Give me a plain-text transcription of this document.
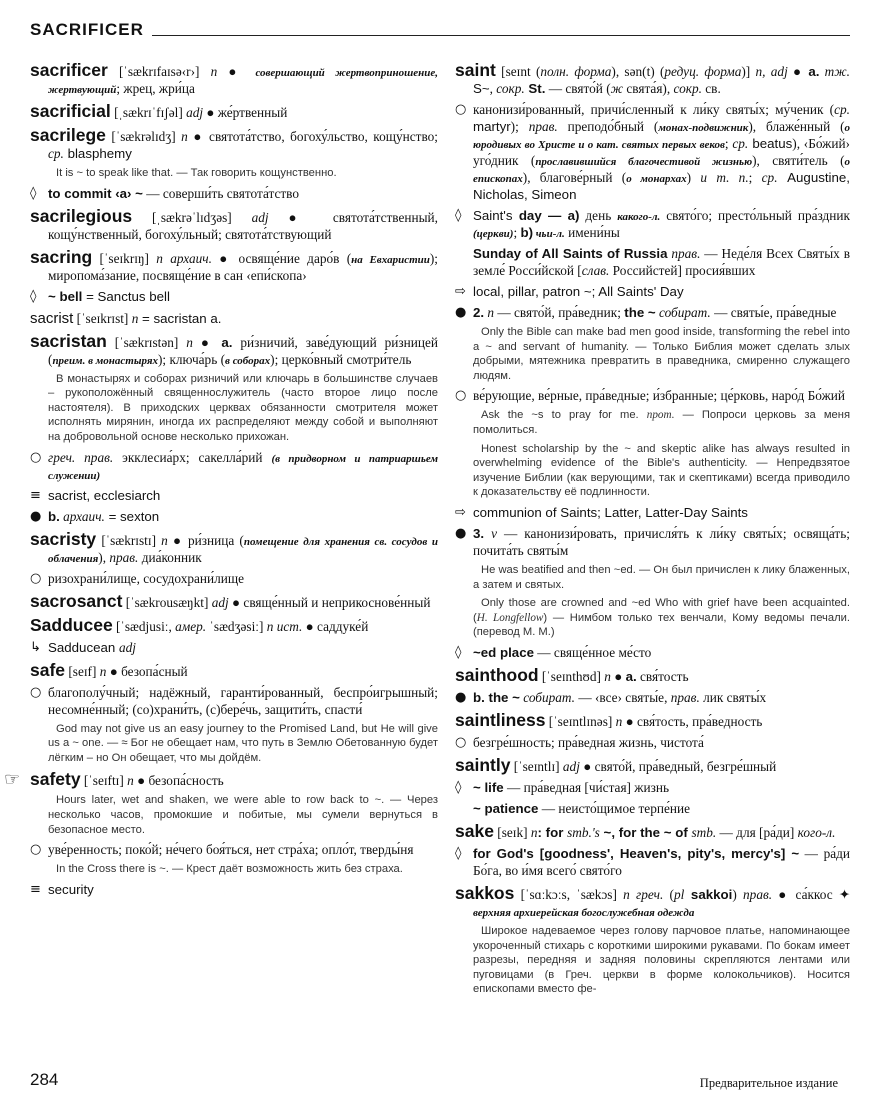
SACRIFICER
sacrificer [ˈsækrɪfaɪsə‹r›] n ● совершающий жертвоприношение, жертвующий; жрец, жри́ца
sacrificial [ˌsækrɪˈfɪʃəl] adj ● же́ртвенный
sacrilege [ˈsækrəlɪdʒ] n ● святота́тство, богоху́льство, кощу́нство; ср. blasphemy
It is ~ to speak like that. — Так говорить кощунственно.
◊ to commit ‹a› ~ — соверши́ть святота́тство
sacrilegious [ˌsækrəˈlɪdʒəs] adj ● святота́тственный, кощу́нственный, богоху́льный; святота́тствующий
sacring [ˈseɪkrɪŋ] n архаич. ● освяще́ние даро́в (на Евхаристии); миропома́зание, посвяще́ние в сан ‹епи́скопа›
◊ ~ bell = Sanctus bell
sacrist [ˈseɪkrɪst] n = sacristan a.
sacristan [ˈsækrɪstən] n ● a. ри́зничий, заве́дующий ри́зницей (преим. в монастырях); ключа́рь (в соборах); церко́вный смотри́тель
В монастырях и соборах ризничий или ключарь в большинстве случаев – рукоположённый священнослужитель (часто второе лицо после настоятеля). В приходских церквах обязанности смотрителя может исполнять мирянин, иногда их распределяют между собой и выполняют на добровольной основе несколько прихожан.
○ греч. прав. экклесиа́рх; сакелла́рий (в придворном и патриаршьем служении)
≡ sacrist, ecclesiarch
● b. архаич. = sexton
sacristy [ˈsækrɪstɪ] n ● ри́зница (помещение для хранения св. сосудов и облачения), прав. диа́конник
○ ризохрани́лище, сосудохрани́лище
sacrosanct [ˈsækrousæŋkt] adj ● свяще́нный и неприкоснове́нный
Sadducee [ˈsædjusiː, амер. ˈsædʒəsiː] n ист. ● саддуке́й
↳ Sadducean adj
safe [seɪf] n ● безопа́сный
○ благополу́чный; надёжный, гаранти́рованный, беспро́игрышный; несомне́нный; (со)храни́ть, (с)бере́чь, защити́ть, спасти́
God may not give us an easy journey to the Promised Land, but He will give us a ~ one. — ≈ Бог не обещает нам, что путь в Землю Обетованную будет лёгким – но Он обещает, что мы дойдём.
☞ safety [ˈseɪftɪ] n ● безопа́сность
Hours later, wet and shaken, we were able to row back to ~. — Через несколько часов, промокшие и побитые, мы сумели вернуться в безопасное место.
○ уве́ренность; поко́й; не́чего боя́ться, нет стра́ха; опло́т, тверды́ня
In the Cross there is ~. — Крест даёт возможность жить без страха.
≡ security
saint [seɪnt (полн. форма), sən(t) (редуц. форма)] n, adj ● a. тж. S~, сокр. St. — свято́й (ж свята́я), сокр. св.
○ канонизи́рованный, причи́сленный к ли́ку святы́х; му́ченик (ср. martyr); прав. преподо́бный (монах-подвижник), блаже́нный (о юродивых во Христе и о кат. святых первых веков; ср. beatus), ‹Бо́жий› уго́дник (прославившийся благочестивой жизнью), святи́тель (о епископах), благове́рный (о монархах) и т. п.; ср. Augustine, Nicholas, Simeon
◊ Saint's day — a) день какого-л. свято́го; престо́льный пра́здник (церкви); b) чьи-л. имени́ны
Sunday of All Saints of Russia прав. — Неде́ля Всех Святы́х в земле́ Росси́йской [слав. Российстей] просия́вших
⇨ local, pillar, patron ~; All Saints' Day
● 2. n — свято́й, пра́ведник; the ~ собират. — святы́е, пра́ведные
Only the Bible can make bad men good inside, transforming the rebel into a ~ and servant of humanity. — Только Библия может сделать злых добрыми, мятежника превратить в праведника, смиренно служащего людям.
○ ве́рующие, ве́рные, пра́ведные; и́збранные; це́рковь, наро́д Бо́жий
Ask the ~s to pray for me. прот. — Попроси церковь за меня помолиться.
Honest scholarship by the ~ and skeptic alike has always resulted in overwhelming evidence of the Bible's authenticity. — Непредвзятое изучение Библии (как верующими, так и скептиками) всегда приводило к доказательству её подлинности.
⇨ communion of Saints; Latter, Latter-Day Saints
● 3. v — канонизи́ровать, причисля́ть к ли́ку святы́х; освяща́ть; почита́ть святы́м
He was beatified and then ~ed. — Он был причислен к лику блаженных, а затем и святых.
Only those are crowned and ~ed Who with grief have been acquainted. (H. Longfellow) — Нимбом только тех венчали, Кому ведомы печали. (перевод М. М.)
◊ ~ed place — свяще́нное ме́сто
sainthood [ˈseɪnthʊd] n ● a. свя́тость
● b. the ~ собират. — ‹все› святы́е, прав. лик святы́х
saintliness [ˈseɪntlɪnəs] n ● свя́тость, пра́ведность
○ безгре́шность; пра́ведная жизнь, чистота́
saintly [ˈseɪntlɪ] adj ● свято́й, пра́ведный, безгре́шный
◊ ~ life — пра́ведная [чи́стая] жизнь
~ patience — неисто́щимое терпе́ние
sake [seɪk] n: for smb.'s ~, for the ~ of smb. — для [ра́ди] кого-л.
◊ for God's [goodness', Heaven's, pity's, mercy's] ~ — ра́ди Бо́га, во и́мя всего́ свято́го
sakkos [ˈsɑːkɔːs, ˈsækɔs] n греч. (pl sakkoi) прав. ● са́ккос ✦ верхняя архиерейская богослужебная одежда
Широкое надеваемое через голову парчовое платье, напоминающее укороченный стихарь с короткими широкими рукавами. По бокам имеет разрезы, передняя и задняя половины скрепляются лентами или пуговицами (в Греч. церкви в форме колокольчиков). Носится епископами вместо фе-
284	Предварительное издание
